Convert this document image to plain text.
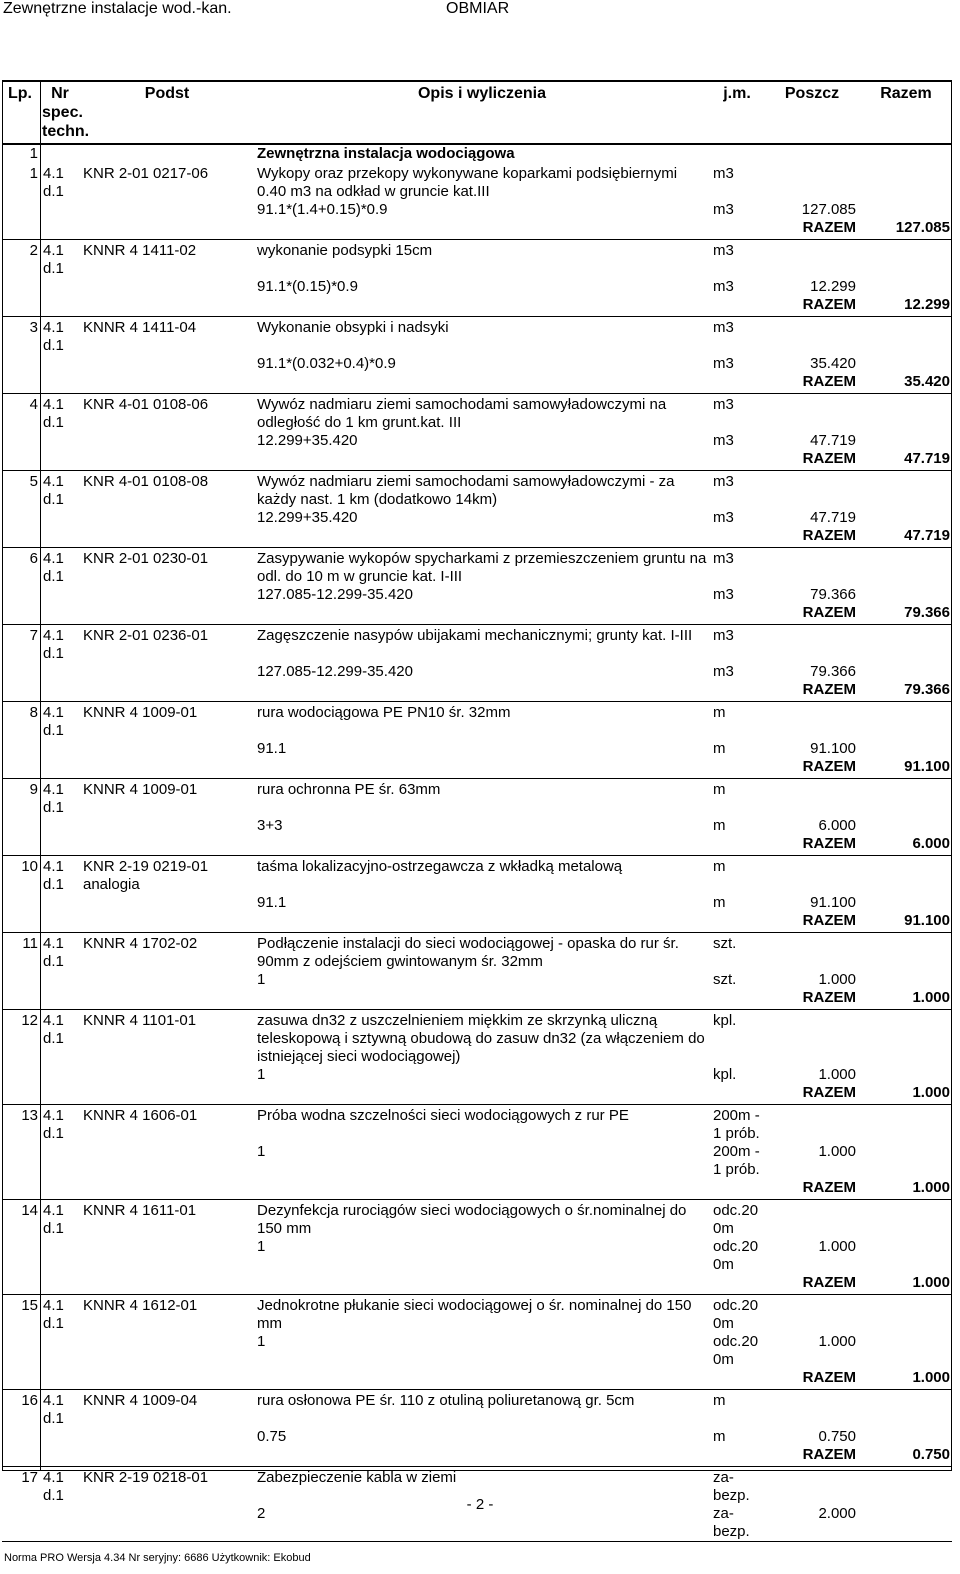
Zewnętrzne instalacje wod.-kan.	OBMIAR
Lp.	Nr
spec.
techn.	Podst	Opis i wyliczenia	j.m.	Poszcz	Razem
1			Zewnętrzna instalacja wodociągowa			
1	4.1
d.1	KNR 2-01 0217-06	Wykopy oraz przekopy wykonywane koparkami podsiębiernymi 0.40 m3 na odkład w gruncie kat.III	m3		
			91.1*(1.4+0.15)*0.9	m3	127.085	
					RAZEM	127.085

2	4.1
d.1	KNNR 4 1411-02	wykonanie podsypki 15cm	m3		
			91.1*(0.15)*0.9	m3	12.299	
					RAZEM	12.299

3	4.1
d.1	KNNR 4 1411-04	Wykonanie obsypki i nadsyki	m3		
			91.1*(0.032+0.4)*0.9	m3	35.420	
					RAZEM	35.420

4	4.1
d.1	KNR 4-01 0108-06	Wywóz nadmiaru ziemi samochodami samowyładowczymi na odległość do 1 km grunt.kat. III	m3		
			12.299+35.420	m3	47.719	
					RAZEM	47.719

5	4.1
d.1	KNR 4-01 0108-08	Wywóz nadmiaru ziemi samochodami samowyładowczymi - za każdy nast. 1 km (dodatkowo 14km)	m3		
			12.299+35.420	m3	47.719	
					RAZEM	47.719

6	4.1
d.1	KNR 2-01 0230-01	Zasypywanie wykopów spycharkami z przemieszczeniem gruntu na odl. do 10 m w gruncie kat. I-III	m3		
			127.085-12.299-35.420	m3	79.366	
					RAZEM	79.366

7	4.1
d.1	KNR 2-01 0236-01	Zagęszczenie nasypów ubijakami mechanicznymi; grunty kat. I-III	m3		
			127.085-12.299-35.420	m3	79.366	
					RAZEM	79.366

8	4.1
d.1	KNNR 4 1009-01	rura wodociągowa PE PN10 śr. 32mm	m		
			91.1	m	91.100	
					RAZEM	91.100

9	4.1
d.1	KNNR 4 1009-01	rura ochronna PE śr. 63mm	m		
			3+3	m	6.000	
					RAZEM	6.000

10	4.1
d.1	KNR 2-19 0219-01
analogia	taśma lokalizacyjno-ostrzegawcza z wkładką metalową	m		
			91.1	m	91.100	
					RAZEM	91.100

11	4.1
d.1	KNNR 4 1702-02	Podłączenie instalacji do sieci wodociągowej - opaska do rur śr. 90mm z odejściem gwintowanym śr. 32mm	szt.		
			1	szt.	1.000	
					RAZEM	1.000

12	4.1
d.1	KNNR 4 1101-01	zasuwa dn32 z uszczelnieniem miękkim ze skrzynką uliczną teleskopową i sztywną obudową do zasuw dn32 (za włączeniem do istniejącej sieci wodociągowej)	kpl.		
			1	kpl.	1.000	
					RAZEM	1.000

13	4.1
d.1	KNNR 4 1606-01	Próba wodna szczelności sieci wodociągowych z rur PE	200m -
1 prób.		
			1	200m -
1 prób.	1.000	
					RAZEM	1.000

14	4.1
d.1	KNNR 4 1611-01	Dezynfekcja rurociągów sieci wodociągowych o śr.nominalnej do 150 mm	odc.20
0m		
			1	odc.20
0m	1.000	
					RAZEM	1.000

15	4.1
d.1	KNNR 4 1612-01	Jednokrotne płukanie sieci wodociągowej o śr. nominalnej do 150 mm	odc.20
0m		
			1	odc.20
0m	1.000	
					RAZEM	1.000

16	4.1
d.1	KNNR 4 1009-04	rura osłonowa PE śr. 110 z otuliną poliuretanową gr. 5cm	m		
			0.75	m	0.750	
					RAZEM	0.750

17	4.1
d.1	KNR 2-19 0218-01	Zabezpieczenie kabla w ziemi	za-
bezp.		
			2	za-
bezp.	2.000	

- 2 -
Norma PRO Wersja 4.34 Nr seryjny: 6686 Użytkownik: Ekobud
